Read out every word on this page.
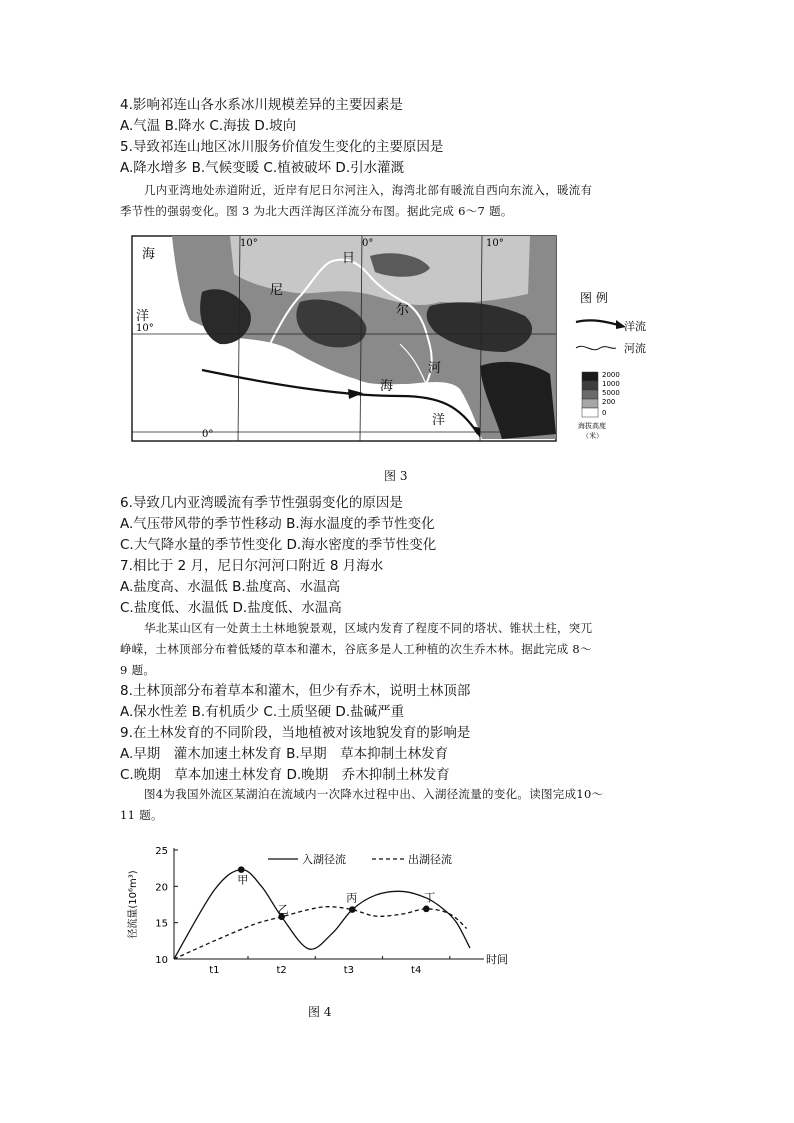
4.影响祁连山各水系冰川规模差异的主要因素是
A.气温 B.降水 C.海拔 D.坡向
5.导致祁连山地区冰川服务价值发生变化的主要原因是
A.降水增多 B.气候变暖 C.植被破坏 D.引水灌溉
几内亚湾地处赤道附近，近岸有尼日尔河注入，海湾北部有暖流自西向东流入，暖流有
季节性的强弱变化。图 3 为北大西洋海区洋流分布图。据此完成 6～7 题。
海
洋
海
洋
尼
日
尔
河
10°	0°	10°
10°
0°
图 例
洋流
河流
2000
1000
5000
200
0
海拔高度
（米）
图 3
6.导致几内亚湾暖流有季节性强弱变化的原因是
A.气压带风带的季节性移动 B.海水温度的季节性变化
C.大气降水量的季节性变化 D.海水密度的季节性变化
7.相比于 2 月，尼日尔河河口附近 8 月海水
A.盐度高、水温低 B.盐度高、水温高
C.盐度低、水温低 D.盐度低、水温高
华北某山区有一处黄土土林地貌景观，区域内发育了程度不同的塔状、锥状土柱，突兀
峥嵘，土林顶部分布着低矮的草本和灌木，谷底多是人工种植的次生乔木林。据此完成 8～
9 题。
8.土林顶部分布着草本和灌木，但少有乔木，说明土林顶部
A.保水性差 B.有机质少 C.土质坚硬 D.盐碱严重
9.在土林发育的不同阶段，当地植被对该地貌发育的影响是
A.早期　灌木加速土林发育 B.早期　草本抑制土林发育
C.晚期　草本加速土林发育 D.晚期　乔木抑制土林发育
图4为我国外流区某湖泊在流域内一次降水过程中出、入湖径流量的变化。读图完成10～
11 题。
10
15
20
25
t1	t2	t3	t4
时间
径流量(10⁶m³)
入湖径流	出湖径流
甲
乙
丙	丁
图 4
